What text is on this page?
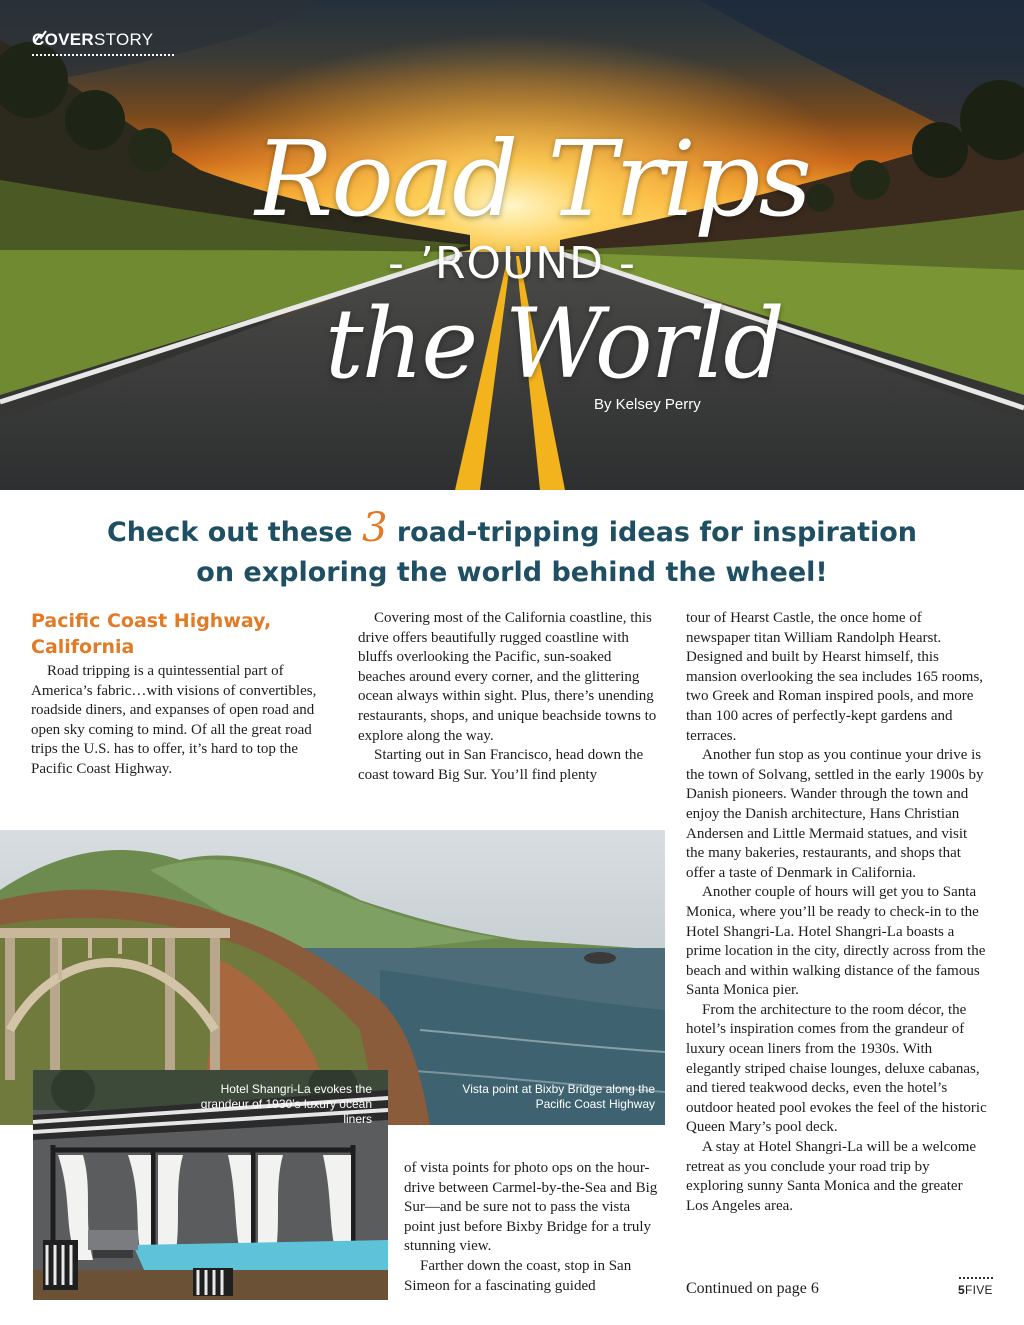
COVER STORY
Road Trips
- ’ROUND -
the World
By Kelsey Perry
Check out these 3 road-tripping ideas for inspiration
on exploring the world behind the wheel!
Pacific Coast Highway,
California

Road tripping is a quintessential part of America’s fabric…with visions of convertibles, roadside diners, and expanses of open road and open sky coming to mind. Of all the great road trips the U.S. has to offer, it’s hard to top the Pacific Coast Highway.

Covering most of the California coastline, this drive offers beautifully rugged coastline with bluffs overlooking the Pacific, sun-soaked beaches around every corner, and the glittering ocean always within sight. Plus, there’s unending restaurants, shops, and unique beachside towns to explore along the way.

Starting out in San Francisco, head down the coast toward Big Sur. You’ll find plenty

of vista points for photo ops on the hour-drive between Carmel-by-the-Sea and Big Sur—and be sure not to pass the vista point just before Bixby Bridge for a truly stunning view.

Farther down the coast, stop in San Simeon for a fascinating guided

tour of Hearst Castle, the once home of newspaper titan William Randolph Hearst. Designed and built by Hearst himself, this mansion overlooking the sea includes 165 rooms, two Greek and Roman inspired pools, and more than 100 acres of perfectly-kept gardens and terraces.

Another fun stop as you continue your drive is the town of Solvang, settled in the early 1900s by Danish pioneers. Wander through the town and enjoy the Danish architecture, Hans Christian Andersen and Little Mermaid statues, and visit the many bakeries, restaurants, and shops that offer a taste of Denmark in California.

Another couple of hours will get you to Santa Monica, where you’ll be ready to check-in to the Hotel Shangri-La. Hotel Shangri-La boasts a prime location in the city, directly across from the beach and within walking distance of the famous Santa Monica pier.

From the architecture to the room décor, the hotel’s inspiration comes from the grandeur of luxury ocean liners from the 1930s. With elegantly striped chaise lounges, deluxe cabanas, and tiered teakwood decks, even the hotel’s outdoor heated pool evokes the feel of the historic Queen Mary’s pool deck.

A stay at Hotel Shangri-La will be a welcome retreat as you conclude your road trip by exploring sunny Santa Monica and the greater Los Angeles area.

Vista point at Bixby Bridge along the Pacific Coast Highway
Hotel Shangri-La evokes the grandeur of 1930’s luxury ocean liners
Continued on page 6	5FIVE
